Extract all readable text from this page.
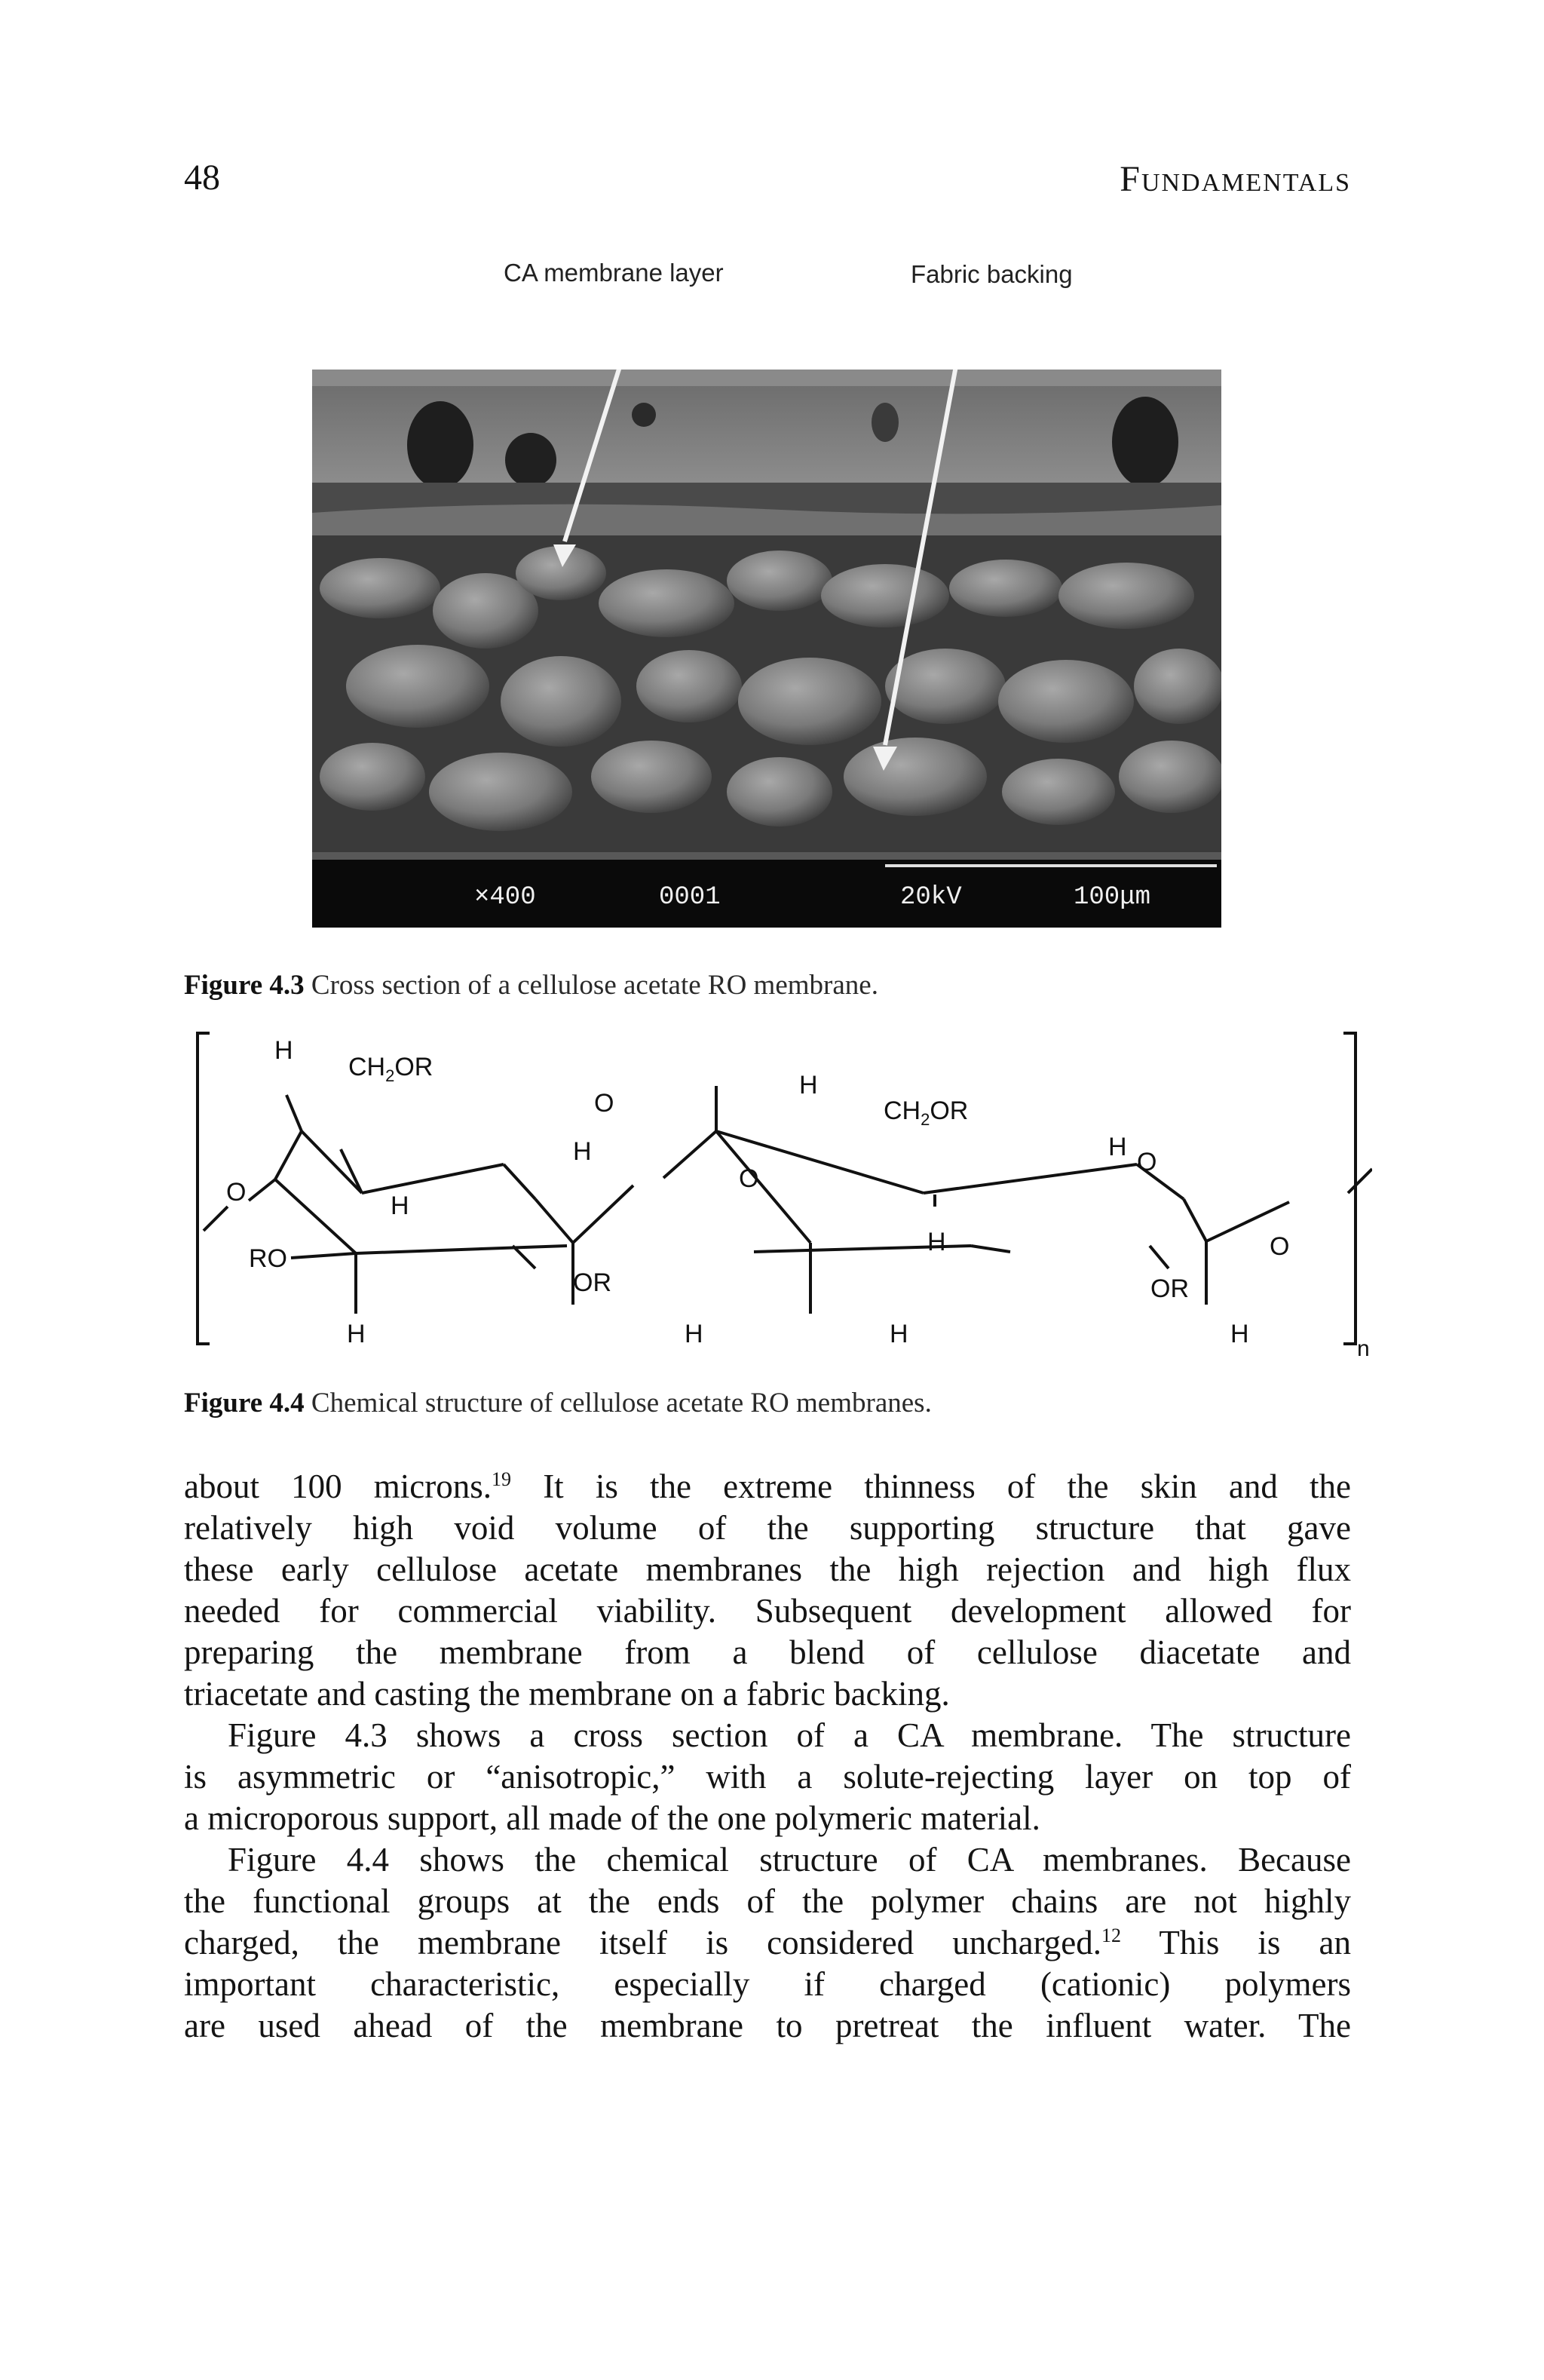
48	Fundamentals
CA membrane layer	Fabric backing
×400	0001	20kV	100μm
Figure 4.3 Cross section of a cellulose acetate RO membrane.
H
$CH_2OR$
O
H
O	H
RO
OR
H	H
O
H
$CH_2OR$
O
H
H
OR
H	H
O
n
Figure 4.4 Chemical structure of cellulose acetate RO membranes.
about 100 microns.$^{19}$ It is the extreme thinness of the skin and the
relatively high void volume of the supporting structure that gave
these early cellulose acetate membranes the high rejection and high flux
needed for commercial viability. Subsequent development allowed for
preparing the membrane from a blend of cellulose diacetate and
triacetate and casting the membrane on a fabric backing.
Figure 4.3 shows a cross section of a CA membrane. The structure
is asymmetric or “anisotropic,” with a solute-rejecting layer on top of
a microporous support, all made of the one polymeric material.
Figure 4.4 shows the chemical structure of CA membranes. Because
the functional groups at the ends of the polymer chains are not highly
charged, the membrane itself is considered uncharged.$^{12}$ This is an
important characteristic, especially if charged (cationic) polymers
are used ahead of the membrane to pretreat the influent water. The
